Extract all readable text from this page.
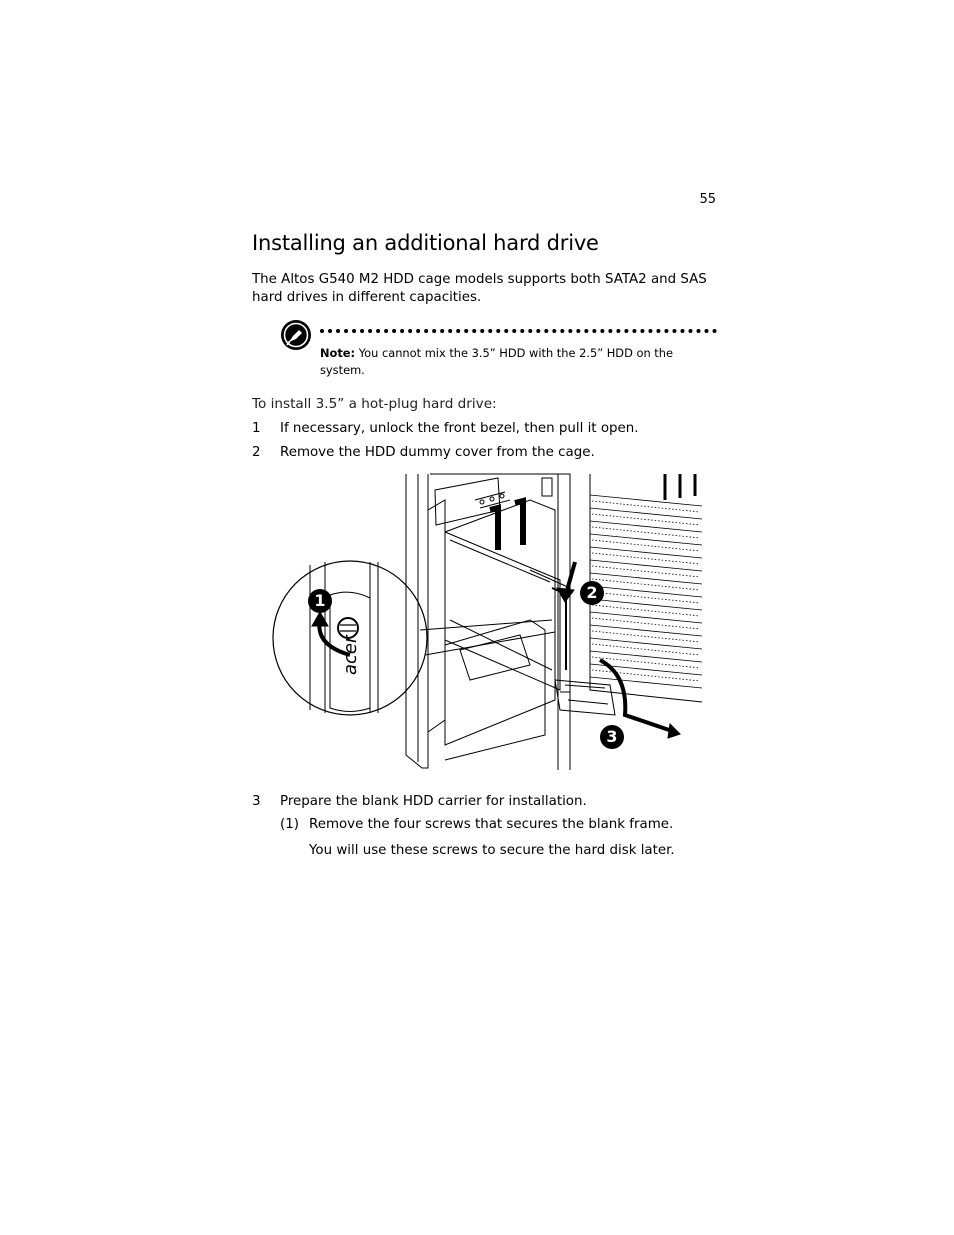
55
Installing an additional hard drive
The Altos G540 M2 HDD cage models supports both SATA2 and SAS hard drives in different capacities.
Note: You cannot mix the 3.5” HDD with the 2.5” HDD on the system.
To install 3.5” a hot-plug hard drive:
1 If necessary, unlock the front bezel, then pull it open.
2 Remove the HDD dummy cover from the cage.
1	2
3
acer
3 Prepare the blank HDD carrier for installation.
(1) Remove the four screws that secures the blank frame.
You will use these screws to secure the hard disk later.
